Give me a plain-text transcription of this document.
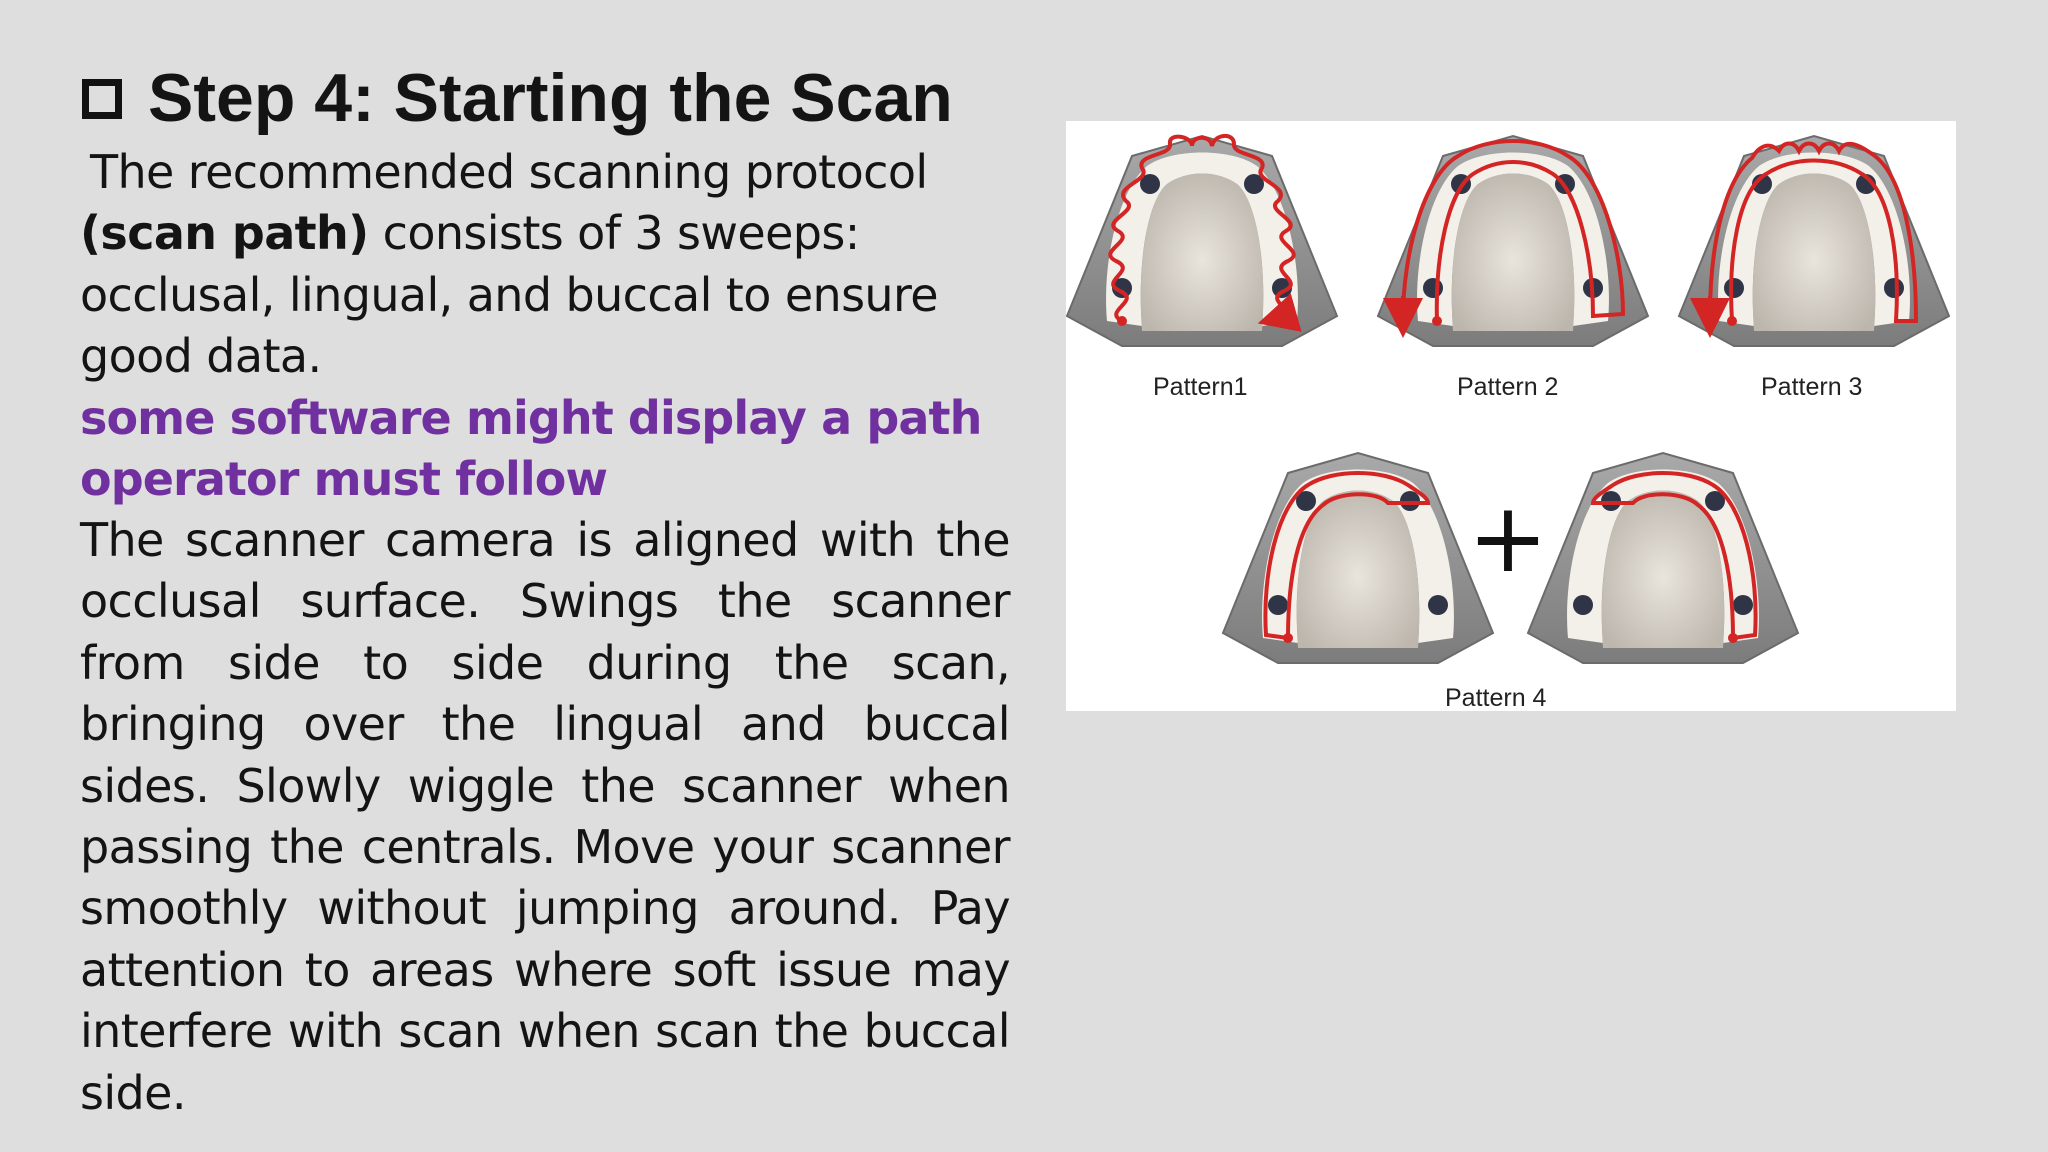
Step 4: Starting the Scan
The recommended scanning protocol
(scan path) consists of 3 sweeps: occlusal, lingual, and buccal to ensure good data.
some software might display a path
operator must follow
The scanner camera is aligned with the occlusal surface. Swings the scanner from side to side during the scan, bringing over the lingual and buccal sides. Slowly wiggle the scanner when passing the centrals. Move your scanner smoothly without jumping around. Pay attention to areas where soft issue may interfere with scan when scan the buccal side.
+
Pattern1	Pattern 2	Pattern 3
Pattern 4
